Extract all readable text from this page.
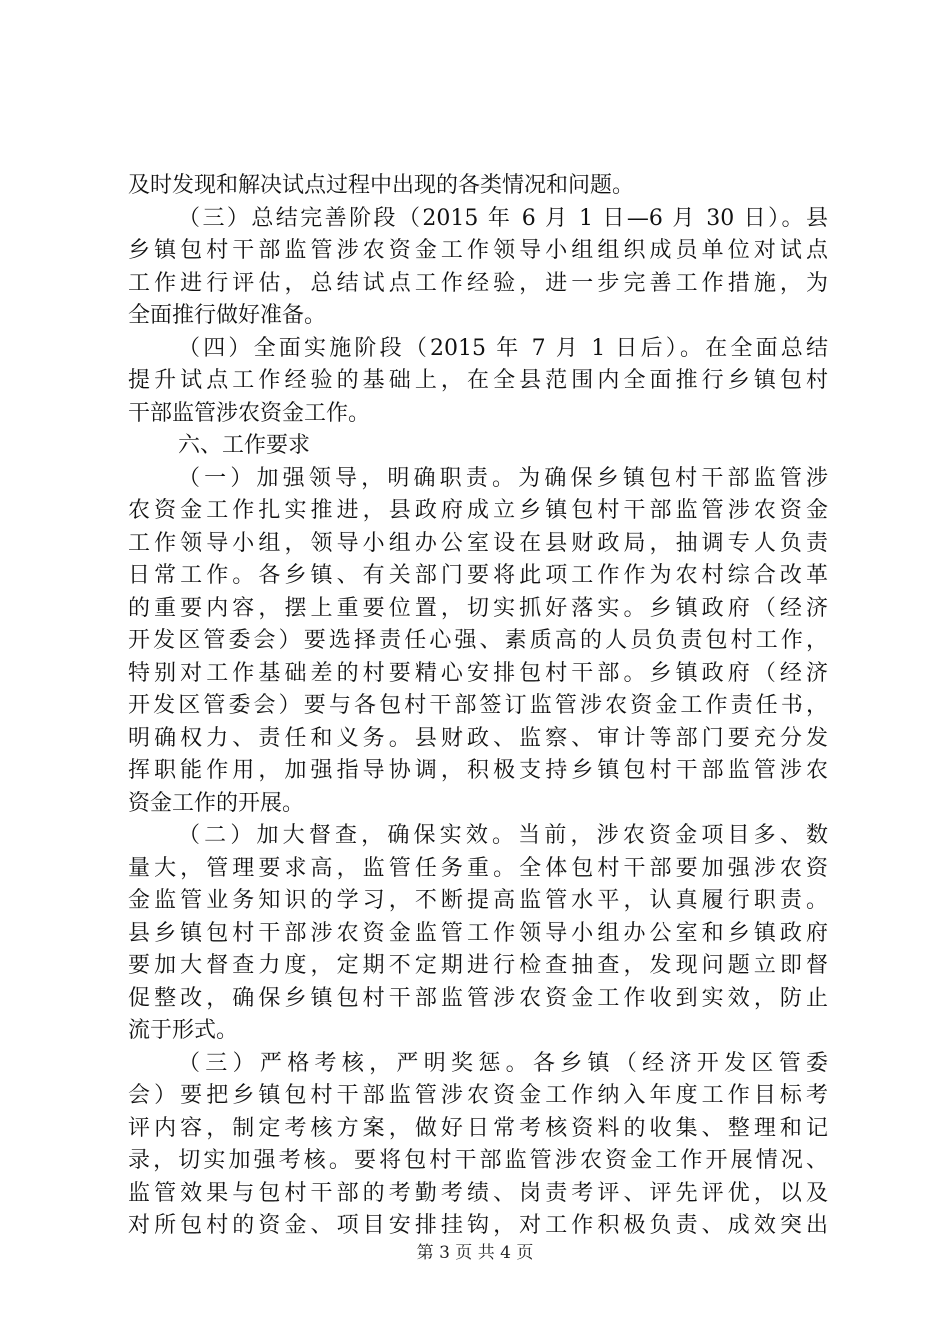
及时发现和解决试点过程中出现的各类情况和问题。
（三）总结完善阶段（2015 年 6 月 1 日—6 月 30 日）。县
乡镇包村干部监管涉农资金工作领导小组组织成员单位对试点
工作进行评估，总结试点工作经验，进一步完善工作措施，为
全面推行做好准备。
（四）全面实施阶段（2015 年 7 月 1 日后）。在全面总结
提升试点工作经验的基础上，在全县范围内全面推行乡镇包村
干部监管涉农资金工作。
六、工作要求
（一）加强领导，明确职责。为确保乡镇包村干部监管涉
农资金工作扎实推进，县政府成立乡镇包村干部监管涉农资金
工作领导小组，领导小组办公室设在县财政局，抽调专人负责
日常工作。各乡镇、有关部门要将此项工作作为农村综合改革
的重要内容，摆上重要位置，切实抓好落实。乡镇政府（经济
开发区管委会）要选择责任心强、素质高的人员负责包村工作，
特别对工作基础差的村要精心安排包村干部。乡镇政府（经济
开发区管委会）要与各包村干部签订监管涉农资金工作责任书，
明确权力、责任和义务。县财政、监察、审计等部门要充分发
挥职能作用，加强指导协调，积极支持乡镇包村干部监管涉农
资金工作的开展。
（二）加大督查，确保实效。当前，涉农资金项目多、数
量大，管理要求高，监管任务重。全体包村干部要加强涉农资
金监管业务知识的学习，不断提高监管水平，认真履行职责。
县乡镇包村干部涉农资金监管工作领导小组办公室和乡镇政府
要加大督查力度，定期不定期进行检查抽查，发现问题立即督
促整改，确保乡镇包村干部监管涉农资金工作收到实效，防止
流于形式。
（三）严格考核，严明奖惩。各乡镇（经济开发区管委
会）要把乡镇包村干部监管涉农资金工作纳入年度工作目标考
评内容，制定考核方案，做好日常考核资料的收集、整理和记
录，切实加强考核。要将包村干部监管涉农资金工作开展情况、
监管效果与包村干部的考勤考绩、岗责考评、评先评优，以及
对所包村的资金、项目安排挂钩，对工作积极负责、成效突出
第 3 页 共 4 页
